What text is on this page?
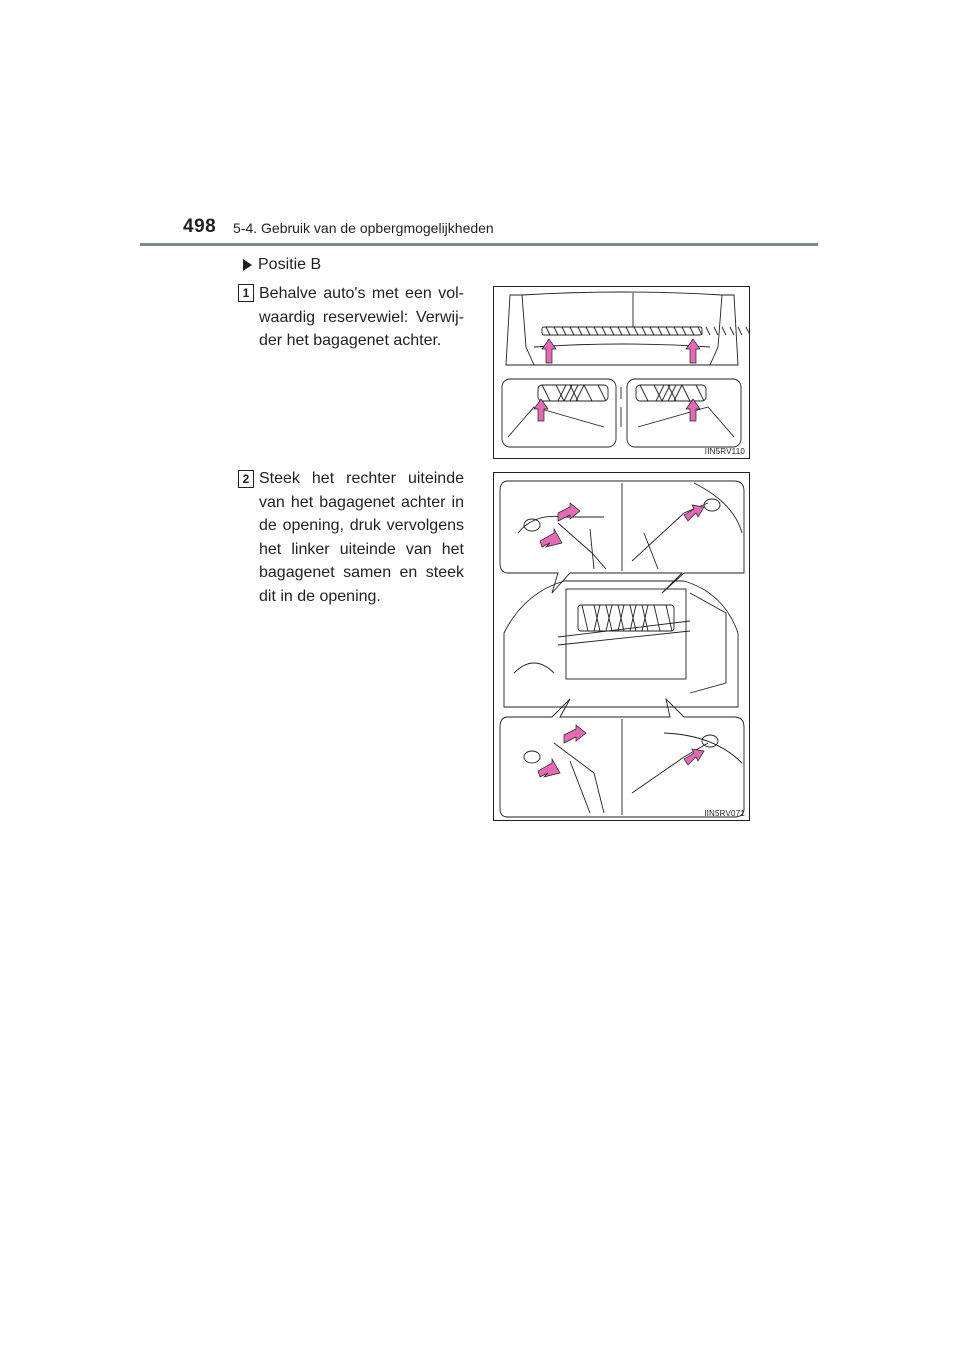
498 5-4. Gebruik van de opbergmogelijkheden
Positie B
1 Behalve auto's met een vol-waardig reservewiel: Verwij-der het bagagenet achter.
IIN5RV110
2 Steek het rechter uiteinde van het bagagenet achter in de opening, druk vervolgens het linker uiteinde van het bagagenet samen en steek dit in de opening.
IIN5RV071
